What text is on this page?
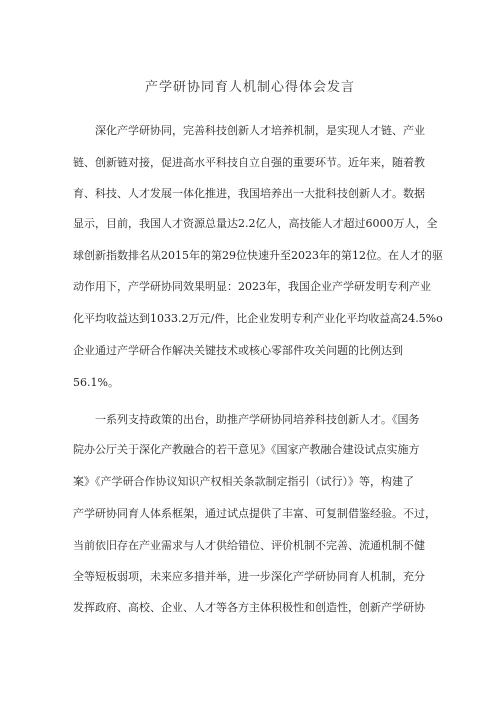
产学研协同育人机制心得体会发言
深化产学研协同，完善科技创新人才培养机制，是实现人才链、产业
链、创新链对接，促进高水平科技自立自强的重要环节。近年来，随着教
育、科技、人才发展一体化推进，我国培养出一大批科技创新人才。数据
显示，目前，我国人才资源总量达2.2亿人，高技能人才超过6000万人，全
球创新指数排名从2015年的第29位快速升至2023年的第12位。在人才的驱
动作用下，产学研协同效果明显：2023年，我国企业产学研发明专利产业
化平均收益达到1033.2万元/件，比企业发明专利产业化平均收益高24.5%o
企业通过产学研合作解决关键技术或核心零部件攻关问题的比例达到
56.1%。
一系列支持政策的出台，助推产学研协同培养科技创新人才。《国务
院办公厅关于深化产教融合的若干意见》《国家产教融合建设试点实施方
案》《产学研合作协议知识产权相关条款制定指引（试行）》等，构建了
产学研协同育人体系框架，通过试点提供了丰富、可复制借鉴经验。不过，
当前依旧存在产业需求与人才供给错位、评价机制不完善、流通机制不健
全等短板弱项，未来应多措并举，进一步深化产学研协同育人机制，充分
发挥政府、高校、企业、人才等各方主体积极性和创造性，创新产学研协
